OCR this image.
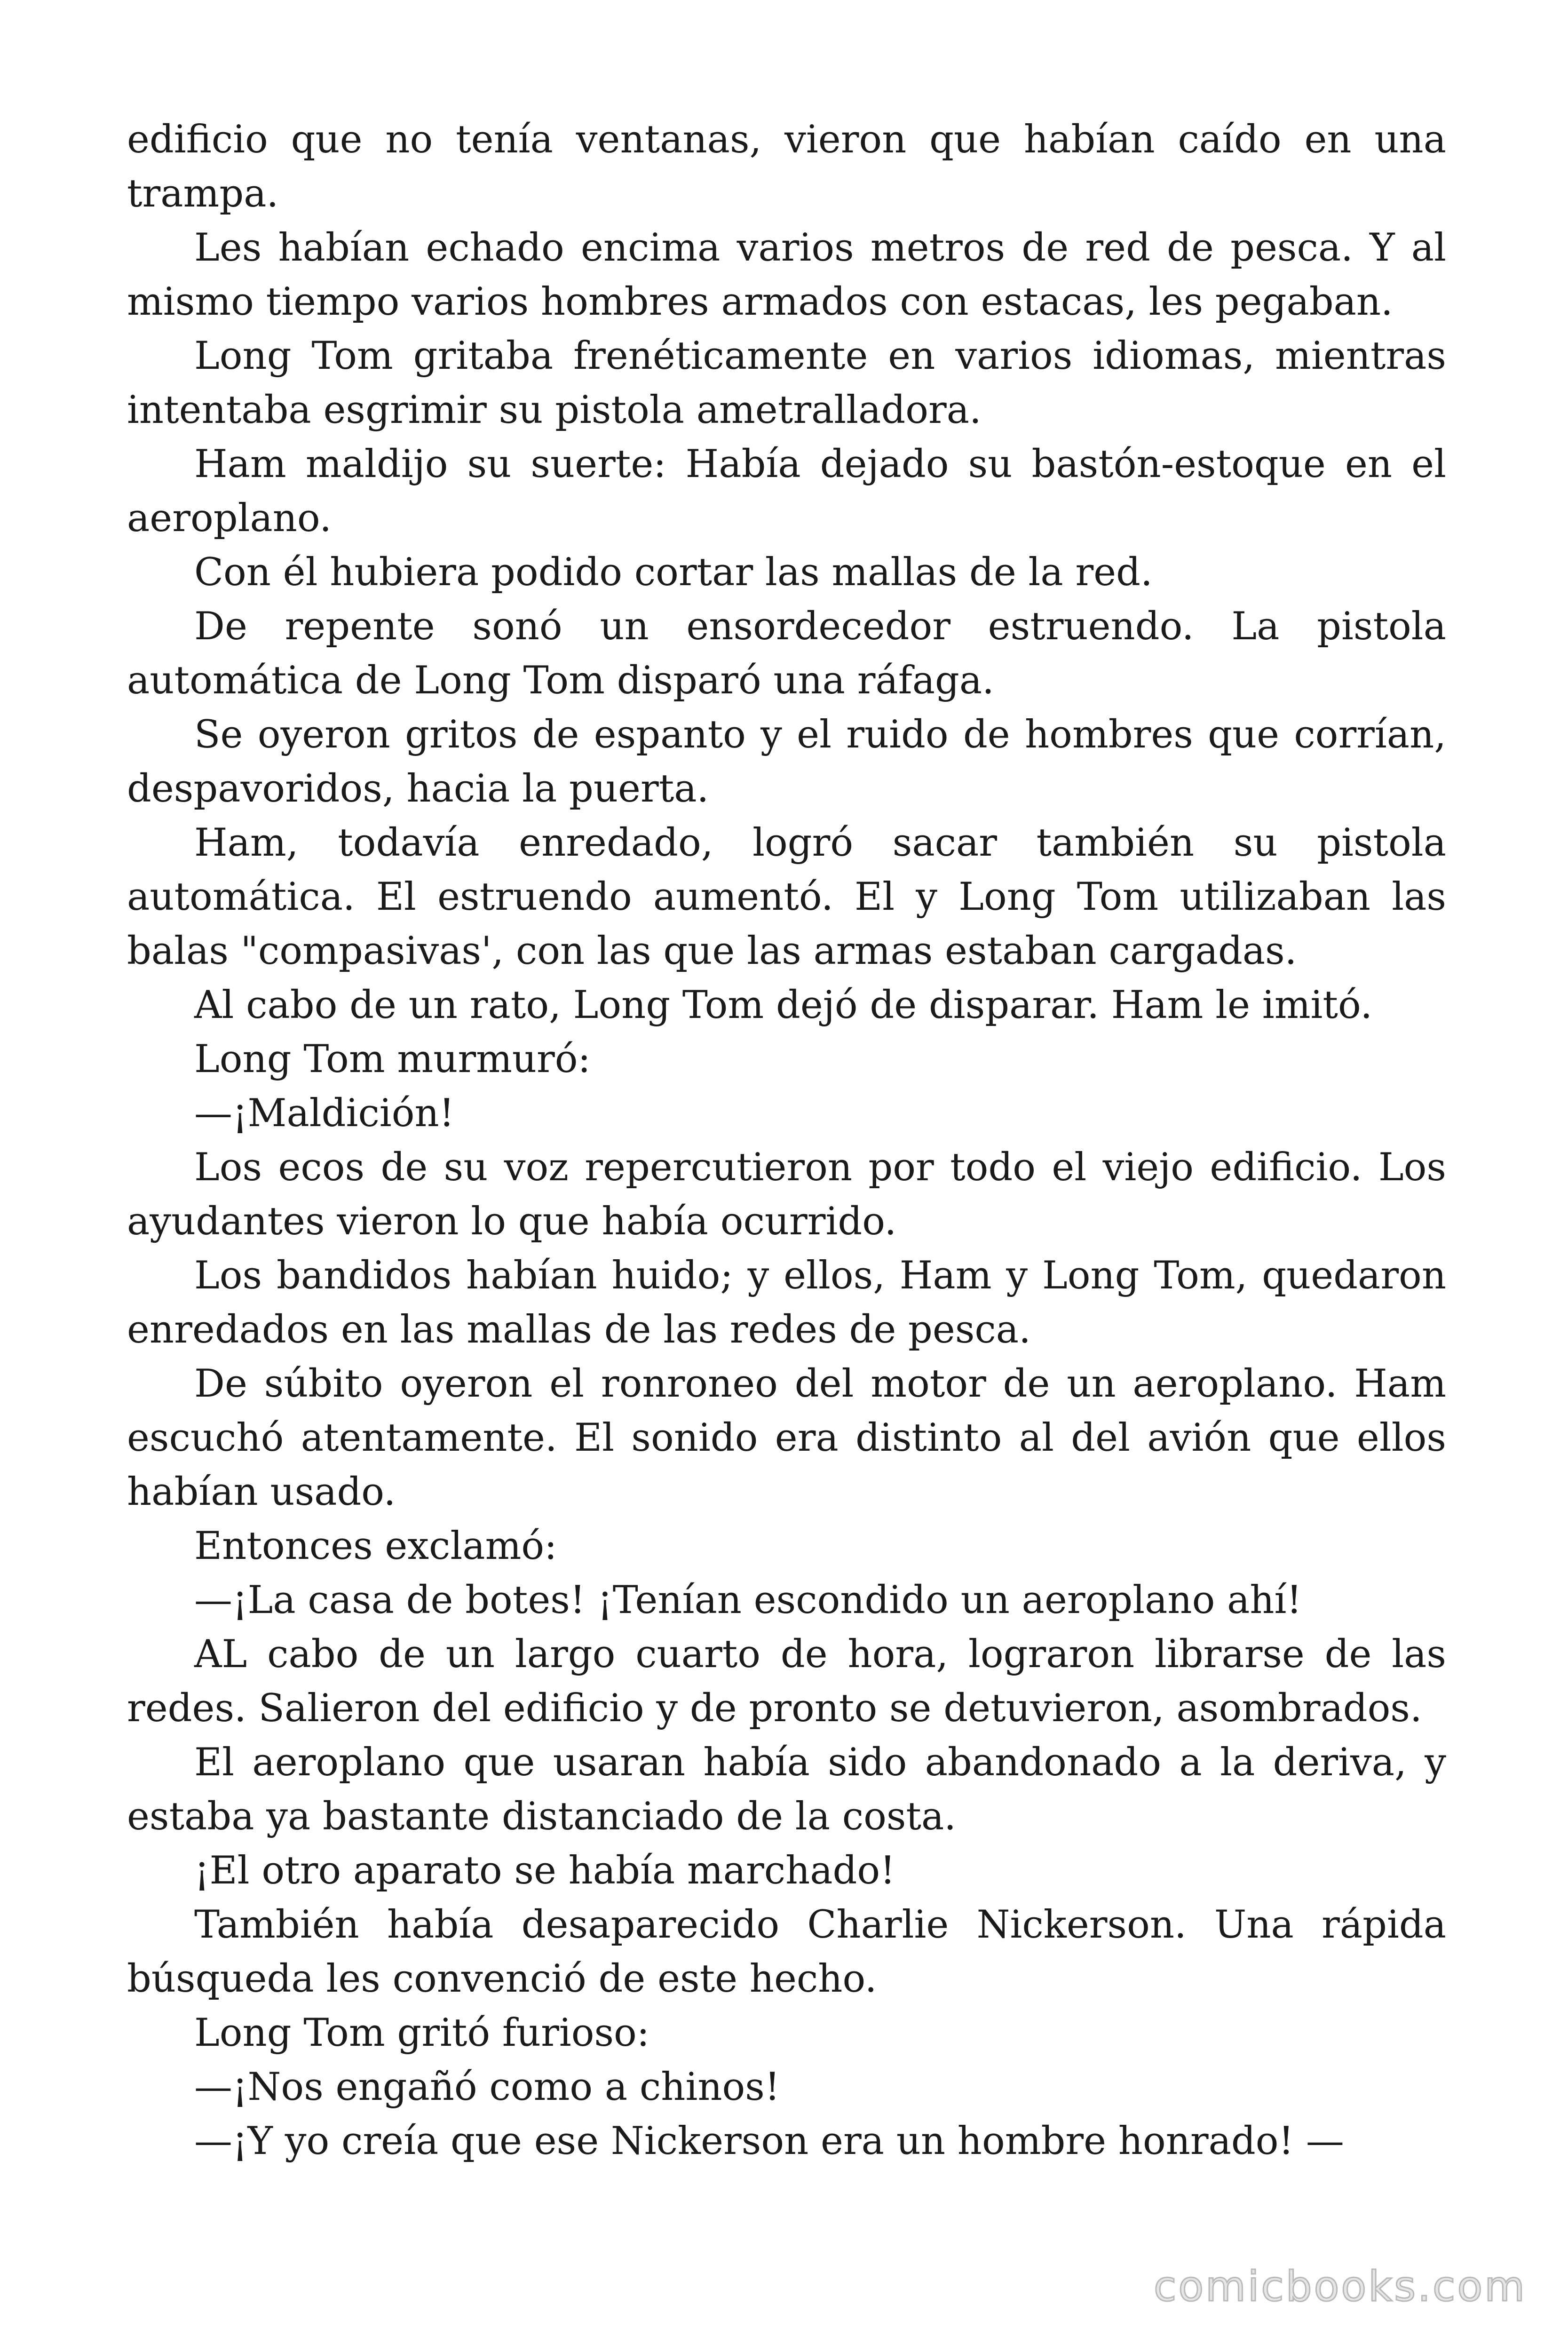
edificio que no tenía ventanas, vieron que habían caído en una trampa.

Les habían echado encima varios metros de red de pesca. Y al mismo tiempo varios hombres armados con estacas, les pegaban.

Long Tom gritaba frenéticamente en varios idiomas, mientras intentaba esgrimir su pistola ametralladora.

Ham maldijo su suerte: Había dejado su bastón-estoque en el aeroplano.

Con él hubiera podido cortar las mallas de la red.

De repente sonó un ensordecedor estruendo. La pistola automática de Long Tom disparó una ráfaga.

Se oyeron gritos de espanto y el ruido de hombres que corrían, despavoridos, hacia la puerta.

Ham, todavía enredado, logró sacar también su pistola automática. El estruendo aumentó. El y Long Tom utilizaban las balas "compasivas', con las que las armas estaban cargadas.

Al cabo de un rato, Long Tom dejó de disparar. Ham le imitó.

Long Tom murmuró:

—¡Maldición!

Los ecos de su voz repercutieron por todo el viejo edificio. Los ayudantes vieron lo que había ocurrido.

Los bandidos habían huido; y ellos, Ham y Long Tom, quedaron enredados en las mallas de las redes de pesca.

De súbito oyeron el ronroneo del motor de un aeroplano. Ham escuchó atentamente. El sonido era distinto al del avión que ellos habían usado.

Entonces exclamó:

—¡La casa de botes! ¡Tenían escondido un aeroplano ahí!

AL cabo de un largo cuarto de hora, lograron librarse de las redes. Salieron del edificio y de pronto se detuvieron, asombrados.

El aeroplano que usaran había sido abandonado a la deriva, y estaba ya bastante distanciado de la costa.

¡El otro aparato se había marchado!

También había desaparecido Charlie Nickerson. Una rápida búsqueda les convenció de este hecho.

Long Tom gritó furioso:

—¡Nos engañó como a chinos!

—¡Y yo creía que ese Nickerson era un hombre honrado! —

comicbooks.com
